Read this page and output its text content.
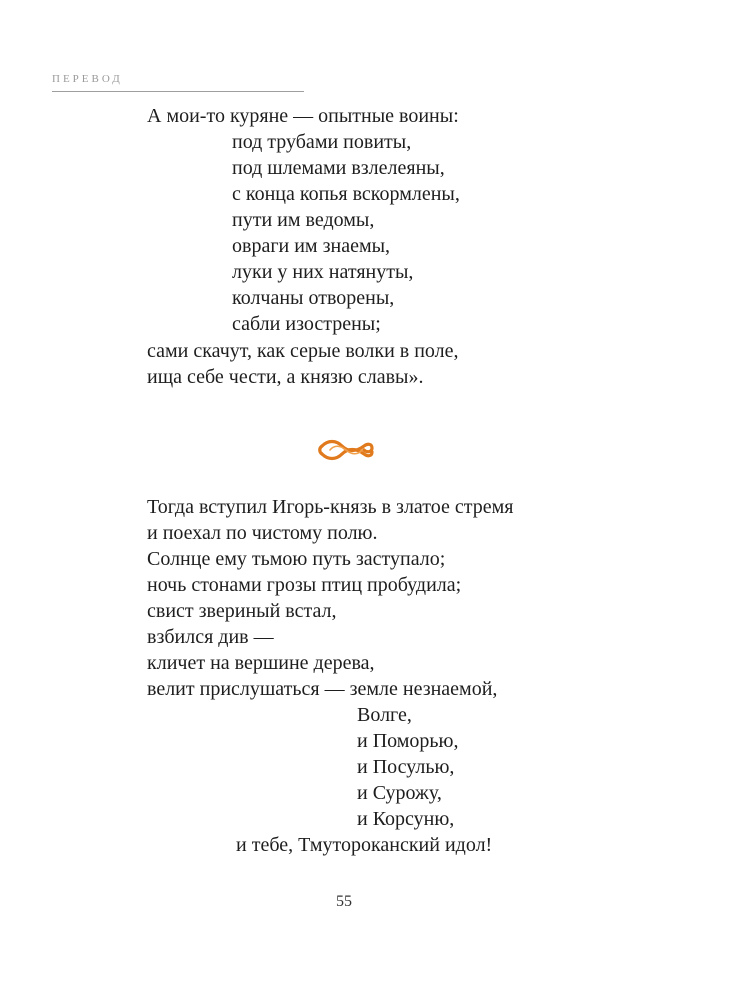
ПЕРЕВОД
А мои-то куряне — опытные воины:
под трубами повиты,
под шлемами взлелеяны,
с конца копья вскормлены,
пути им ведомы,
овраги им знаемы,
луки у них натянуты,
колчаны отворены,
сабли изострены;
сами скачут, как серые волки в поле,
ища себе чести, а князю славы».
Тогда вступил Игорь-князь в златое стремя
и поехал по чистому полю.
Солнце ему тьмою путь заступало;
ночь стонами грозы птиц пробудила;
свист звериный встал,
взбился див —
кличет на вершине дерева,
велит прислушаться — земле незнаемой,
Волге,
и Поморью,
и Посулью,
и Сурожу,
и Корсуню,
и тебе, Тмутороканский идол!
55
